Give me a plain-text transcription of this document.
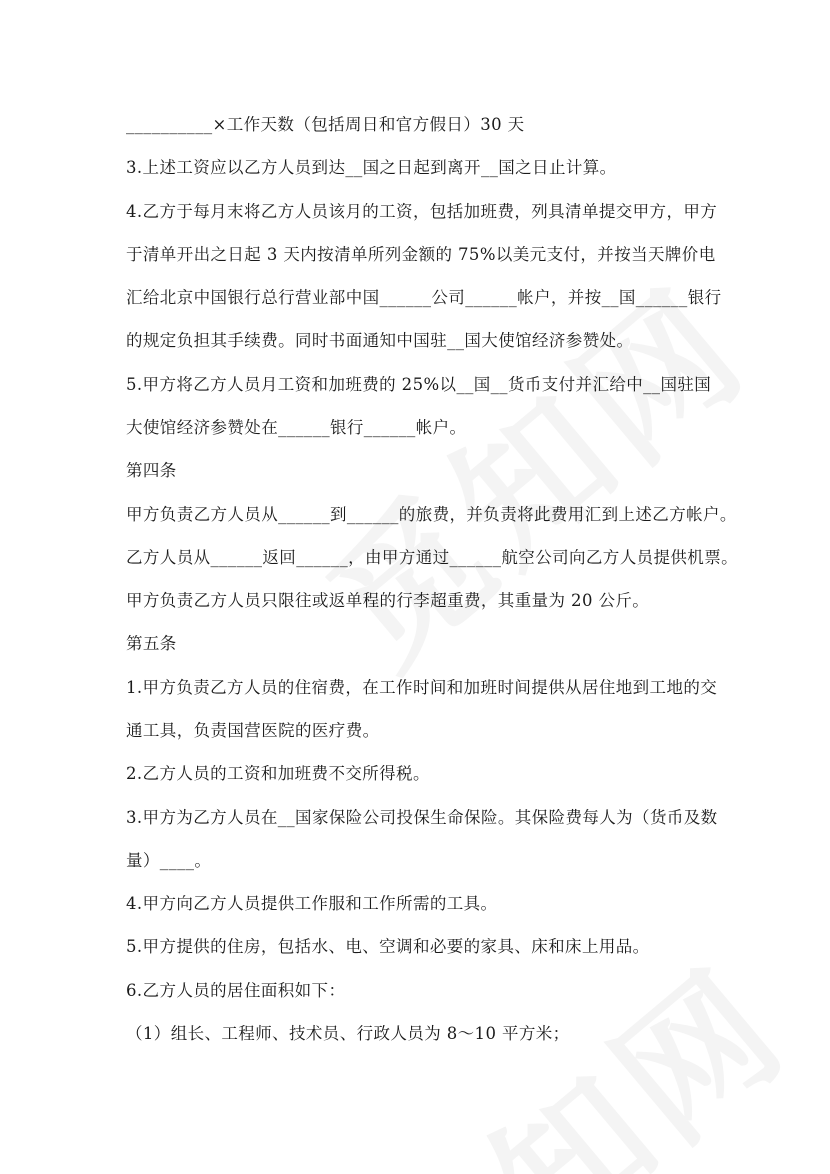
__________×工作天数（包括周日和官方假日）30 天
3.上述工资应以乙方人员到达__国之日起到离开__国之日止计算。
4.乙方于每月末将乙方人员该月的工资，包括加班费，列具清单提交甲方，甲方
于清单开出之日起 3 天内按清单所列金额的 75%以美元支付，并按当天牌价电
汇给北京中国银行总行营业部中国______公司______帐户，并按__国______银行
的规定负担其手续费。同时书面通知中国驻__国大使馆经济参赞处。
5.甲方将乙方人员月工资和加班费的 25%以__国__货币支付并汇给中__国驻国
大使馆经济参赞处在______银行______帐户。
第四条
甲方负责乙方人员从______到______的旅费，并负责将此费用汇到上述乙方帐户。
乙方人员从______返回______，由甲方通过______航空公司向乙方人员提供机票。
甲方负责乙方人员只限往或返单程的行李超重费，其重量为 20 公斤。
第五条
1.甲方负责乙方人员的住宿费，在工作时间和加班时间提供从居住地到工地的交
通工具，负责国营医院的医疗费。
2.乙方人员的工资和加班费不交所得税。
3.甲方为乙方人员在__国家保险公司投保生命保险。其保险费每人为（货币及数
量）____。
4.甲方向乙方人员提供工作服和工作所需的工具。
5.甲方提供的住房，包括水、电、空调和必要的家具、床和床上用品。
6.乙方人员的居住面积如下：
（1）组长、工程师、技术员、行政人员为 8～10 平方米；
